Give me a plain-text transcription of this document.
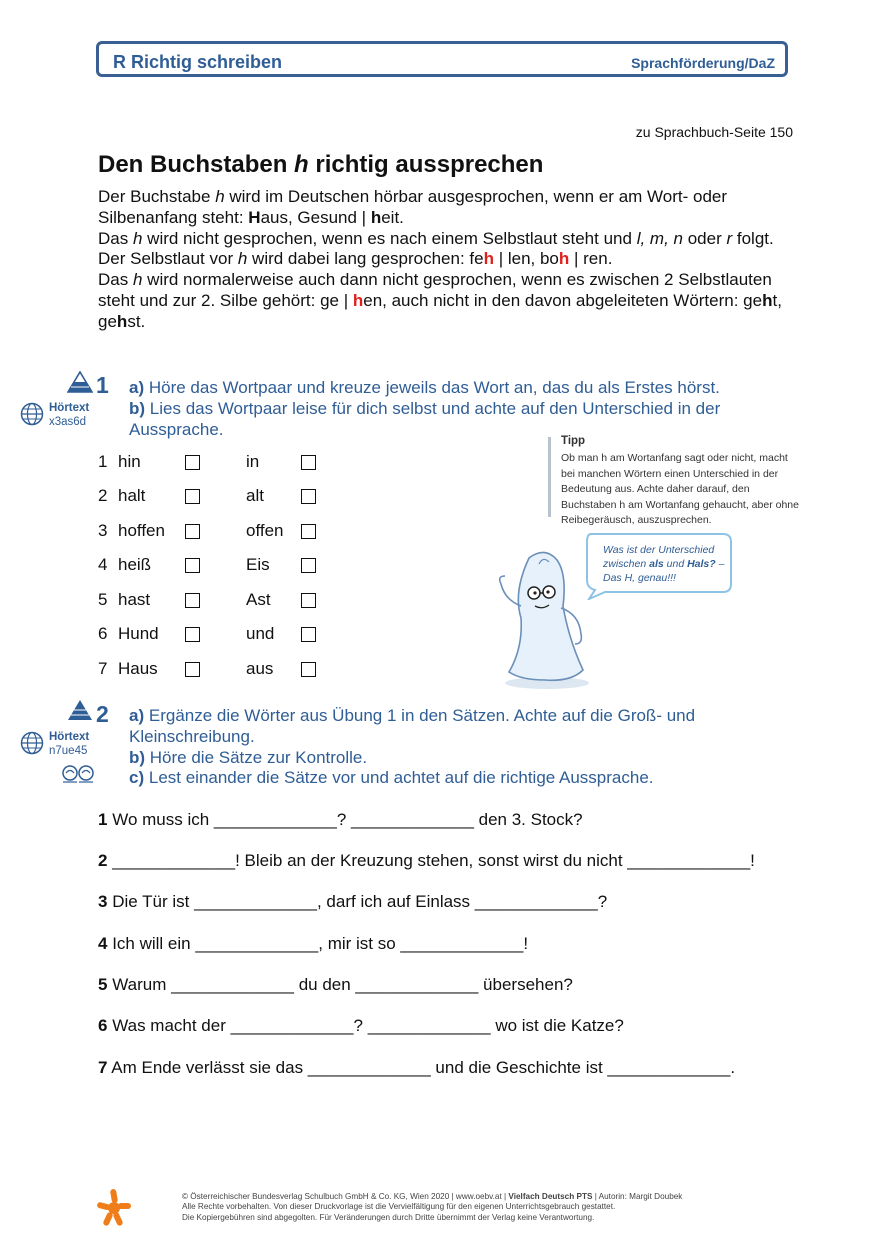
R Richtig schreiben	Sprachförderung/DaZ
zu Sprachbuch-Seite 150
Den Buchstaben h richtig aussprechen
Der Buchstabe h wird im Deutschen hörbar ausgesprochen, wenn er am Wort- oder Silbenanfang steht: Haus, Gesund | heit.
Das h wird nicht gesprochen, wenn es nach einem Selbstlaut steht und l, m, n oder r folgt.
Der Selbstlaut vor h wird dabei lang gesprochen: feh | len, boh | ren.
Das h wird normalerweise auch dann nicht gesprochen, wenn es zwischen 2 Selbstlauten steht und zur 2. Silbe gehört: ge | hen, auch nicht in den davon abgeleiteten Wörtern: geht, gehst.
1
Hörtext
x3as6d
a) Höre das Wortpaar und kreuze jeweils das Wort an, das du als Erstes hörst.
b) Lies das Wortpaar leise für dich selbst und achte auf den Unterschied in der Aussprache.
1 hin	in
2 halt	alt
3 hoffen	offen
4 heiß	Eis
5 hast	Ast
6 Hund	und
7 Haus	aus
Tipp
Ob man h am Wortanfang sagt oder nicht, macht bei manchen Wörtern einen Unterschied in der Bedeutung aus. Achte daher darauf, den Buchstaben h am Wortanfang gehaucht, aber ohne Reibegeräusch, auszusprechen.
Was ist der Unterschied zwischen als und Hals? – Das H, genau!!!
2
Hörtext
n7ue45
a) Ergänze die Wörter aus Übung 1 in den Sätzen. Achte auf die Groß- und Kleinschreibung.
b) Höre die Sätze zur Kontrolle.
c) Lest einander die Sätze vor und achtet auf die richtige Aussprache.
1 Wo muss ich _____________? _____________ den 3. Stock?
2 _____________! Bleib an der Kreuzung stehen, sonst wirst du nicht _____________!
3 Die Tür ist _____________, darf ich auf Einlass _____________?
4 Ich will ein _____________, mir ist so _____________!
5 Warum _____________ du den _____________ übersehen?
6 Was macht der _____________? _____________ wo ist die Katze?
7 Am Ende verlässt sie das _____________ und die Geschichte ist _____________.
© Österreichischer Bundesverlag Schulbuch GmbH & Co. KG, Wien 2020 | www.oebv.at | Vielfach Deutsch PTS | Autorin: Margit Doubek
Alle Rechte vorbehalten. Von dieser Druckvorlage ist die Vervielfältigung für den eigenen Unterrichtsgebrauch gestattet.
Die Kopiergebühren sind abgegolten. Für Veränderungen durch Dritte übernimmt der Verlag keine Verantwortung.
